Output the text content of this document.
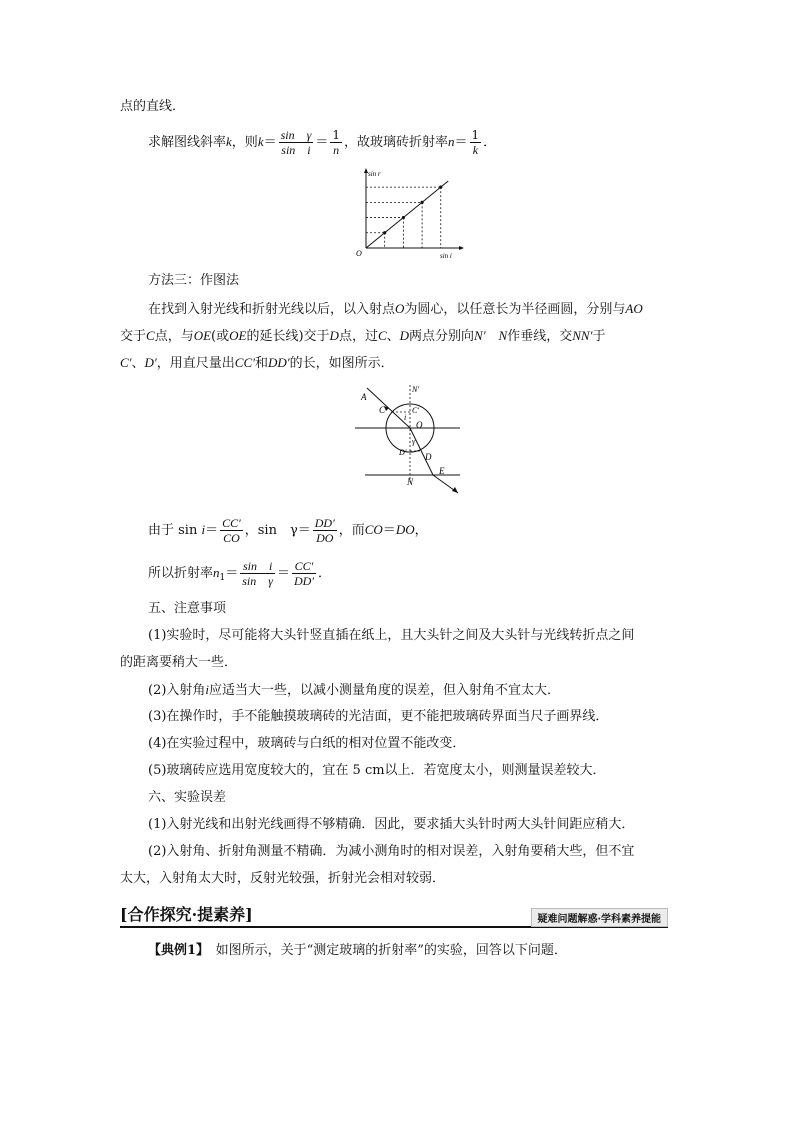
点的直线．
求解图线斜率k，则$k= \frac{\text{sin　γ}}{\text{sin　i}} = \frac{1}{n}$ ，故玻璃砖折射率$n= \frac{1}{k}$ ．
sin r
sin i
O
方法三：作图法
在找到入射光线和折射光线以后，以入射点O为圆心，以任意长为半径画圆，分别与AO
交于C点，与OE(或OE的延长线)交于D点，过C、D两点分别向N′　N作垂线，交NN′于
C′、D′，用直尺量出CC′和DD′的长，如图所示．
A
C	C′
N′
i
O
D′
γ
D
E
N
由于 $\sin i= \frac{CC'}{CO}$ ，sin　$\gamma= \frac{DD'}{DO}$ ，而CO＝DO，
所以折射率$n_1= \frac{\text{sin　i}}{\text{sin　γ}} = \frac{CC'}{DD'}$ ．
五、注意事项
(1)实验时，尽可能将大头针竖直插在纸上，且大头针之间及大头针与光线转折点之间
的距离要稍大一些．
(2)入射角i应适当大一些，以减小测量角度的误差，但入射角不宜太大．
(3)在操作时，手不能触摸玻璃砖的光洁面，更不能把玻璃砖界面当尺子画界线．
(4)在实验过程中，玻璃砖与白纸的相对位置不能改变．
(5)玻璃砖应选用宽度较大的，宜在 5 cm以上．若宽度太小，则测量误差较大．
六、实验误差
(1)入射光线和出射光线画得不够精确．因此，要求插大头针时两大头针间距应稍大．
(2)入射角、折射角测量不精确．为减小测角时的相对误差，入射角要稍大些，但不宜
太大，入射角太大时，反射光较强，折射光会相对较弱．
[合作探究·提素养]	疑难问题解惑·学科素养提能
【典例1】　 如图所示，关于“测定玻璃的折射率”的实验，回答以下问题．
